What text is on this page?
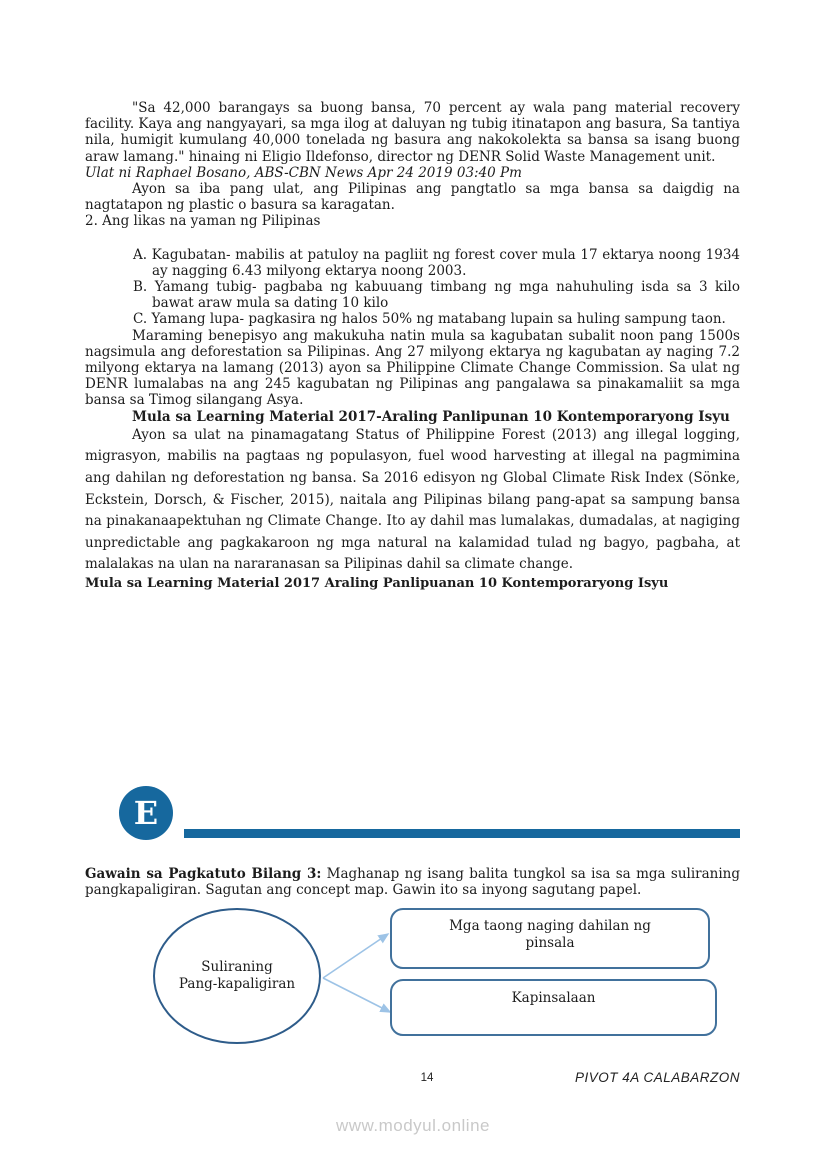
"Sa 42,000 barangays sa buong bansa, 70 percent ay wala pang material recovery facility. Kaya ang nangyayari, sa mga ilog at daluyan ng tubig itinatapon ang basura, Sa tantiya nila, humigit kumulang 40,000 tonelada ng basura ang nakokolekta sa bansa sa isang buong araw lamang." hinaing ni Eligio Ildefonso, director ng DENR Solid Waste Management unit.

Ulat ni Raphael Bosano, ABS-CBN News Apr 24 2019 03:40 Pm

Ayon sa iba pang ulat, ang Pilipinas ang pangtatlo sa mga bansa sa daigdig na nagtatapon ng plastic o basura sa karagatan.

2. Ang likas na yaman ng Pilipinas

A. Kagubatan- mabilis at patuloy na pagliit ng forest cover mula 17 ektarya noong 1934 ay nagging 6.43 milyong ektarya noong 2003.
B. Yamang tubig- pagbaba ng kabuuang timbang ng mga nahuhuling isda sa 3 kilo bawat araw mula sa dating 10 kilo
C. Yamang lupa- pagkasira ng halos 50% ng matabang lupain sa huling sampung taon.

Maraming benepisyo ang makukuha natin mula sa kagubatan subalit noon pang 1500s nagsimula ang deforestation sa Pilipinas. Ang 27 milyong ektarya ng kagubatan ay naging 7.2 milyong ektarya na lamang (2013) ayon sa Philippine Climate Change Commission. Sa ulat ng DENR lumalabas na ang 245 kagubatan ng Pilipinas ang pangalawa sa pinakamaliit sa mga bansa sa Timog silangang Asya.

Mula sa Learning Material 2017-Araling Panlipunan 10 Kontemporaryong Isyu

Ayon sa ulat na pinamagatang Status of Philippine Forest (2013) ang illegal logging, migrasyon, mabilis na pagtaas ng populasyon, fuel wood harvesting at illegal na pagmimina ang dahilan ng deforestation ng bansa. Sa 2016 edisyon ng Global Climate Risk Index (Sönke, Eckstein, Dorsch, & Fischer, 2015), naitala ang Pilipinas bilang pang-apat sa sampung bansa na pinakanaapektuhan ng Climate Change. Ito ay dahil mas lumalakas, dumadalas, at nagiging unpredictable ang pagkakaroon ng mga natural na kalamidad tulad ng bagyo, pagbaha, at malalakas na ulan na nararanasan sa Pilipinas dahil sa climate change.

Mula sa Learning Material 2017 Araling Panlipuanan 10 Kontemporaryong Isyu

E

Gawain sa Pagkatuto Bilang 3: Maghanap ng isang balita tungkol sa isa sa mga suliraning pangkapaligiran. Sagutan ang concept map. Gawin ito sa inyong sagutang papel.

Suliraning
Pang-kapaligiran
Mga taong naging dahilan ng pinsala
Kapinsalaan
14	PIVOT 4A CALABARZON
www.modyul.online
